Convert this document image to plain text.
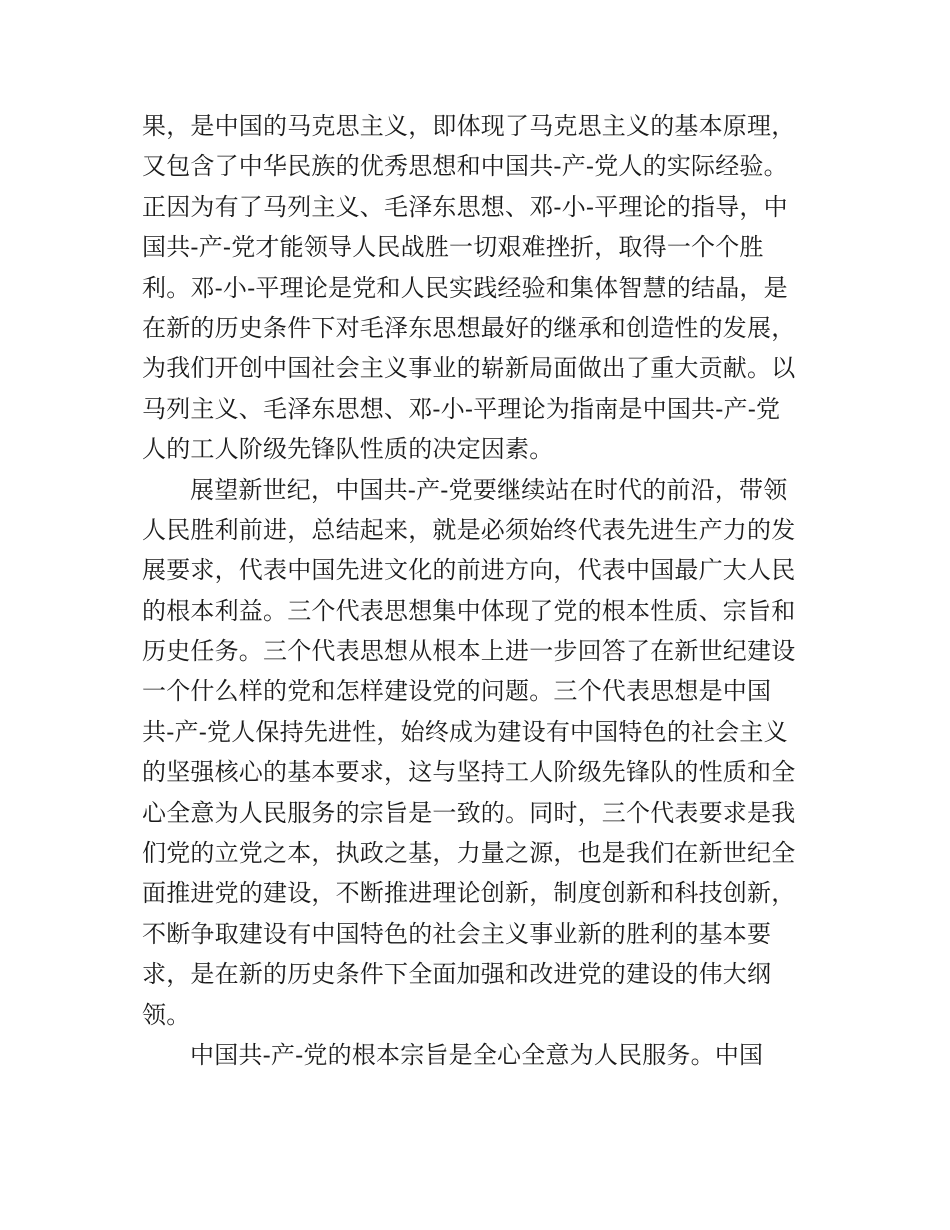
果，是中国的马克思主义，即体现了马克思主义的基本原理，
又包含了中华民族的优秀思想和中国共-产-党人的实际经验。
正因为有了马列主义、毛泽东思想、邓-小-平理论的指导，中
国共-产-党才能领导人民战胜一切艰难挫折，取得一个个胜
利。邓-小-平理论是党和人民实践经验和集体智慧的结晶，是
在新的历史条件下对毛泽东思想最好的继承和创造性的发展，
为我们开创中国社会主义事业的崭新局面做出了重大贡献。以
马列主义、毛泽东思想、邓-小-平理论为指南是中国共-产-党
人的工人阶级先锋队性质的决定因素。
展望新世纪，中国共-产-党要继续站在时代的前沿，带领
人民胜利前进，总结起来，就是必须始终代表先进生产力的发
展要求，代表中国先进文化的前进方向，代表中国最广大人民
的根本利益。三个代表思想集中体现了党的根本性质、宗旨和
历史任务。三个代表思想从根本上进一步回答了在新世纪建设
一个什么样的党和怎样建设党的问题。三个代表思想是中国
共-产-党人保持先进性，始终成为建设有中国特色的社会主义
的坚强核心的基本要求，这与坚持工人阶级先锋队的性质和全
心全意为人民服务的宗旨是一致的。同时，三个代表要求是我
们党的立党之本，执政之基，力量之源，也是我们在新世纪全
面推进党的建设，不断推进理论创新，制度创新和科技创新，
不断争取建设有中国特色的社会主义事业新的胜利的基本要
求，是在新的历史条件下全面加强和改进党的建设的伟大纲
领。
中国共-产-党的根本宗旨是全心全意为人民服务。中国
